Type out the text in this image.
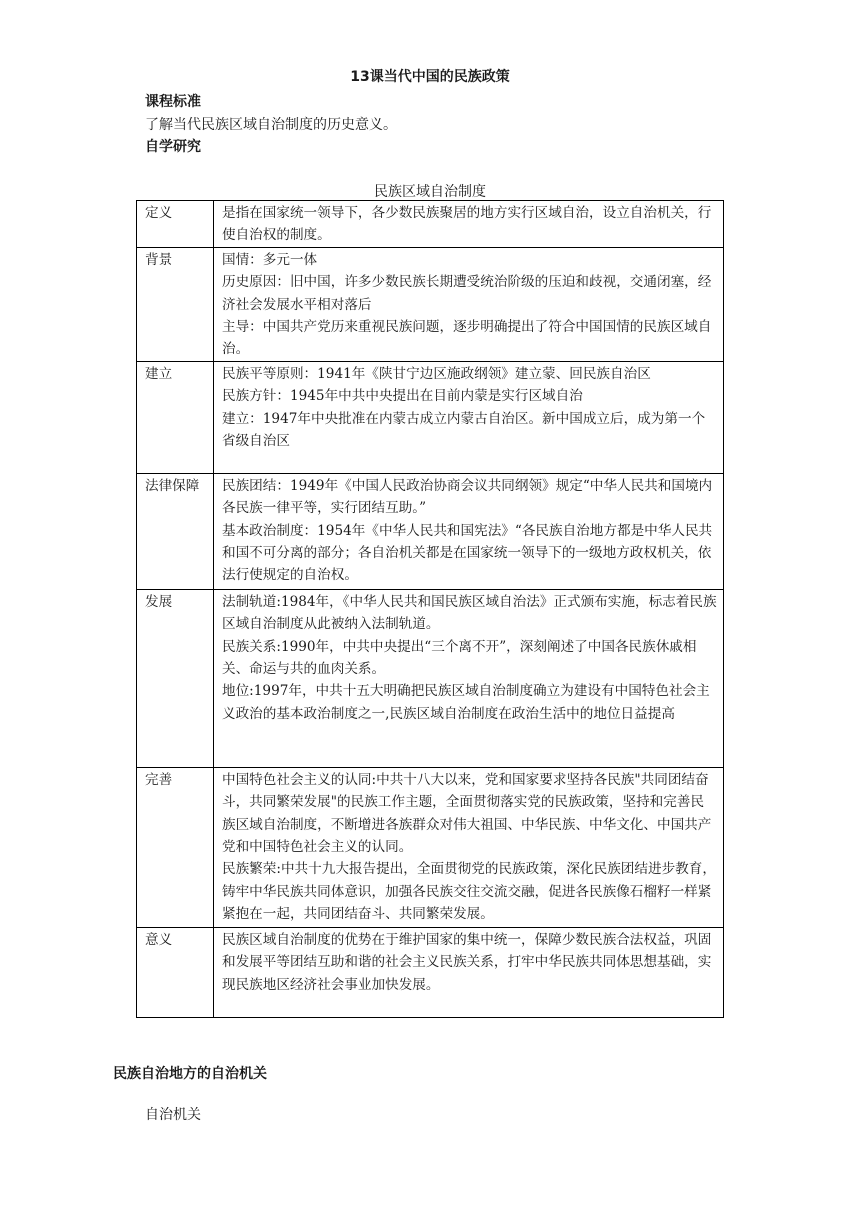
13课当代中国的民族政策
课程标准
了解当代民族区域自治制度的历史意义。
自学研究
民族区域自治制度
定义	是指在国家统一领导下，各少数民族聚居的地方实行区域自治，设立自治机关，行使自治权的制度。

背景	国情：多元一体
历史原因：旧中国，许多少数民族长期遭受统治阶级的压迫和歧视，交通闭塞，经济社会发展水平相对落后
主导：中国共产党历来重视民族问题，逐步明确提出了符合中国国情的民族区域自治。

建立	民族平等原则：1941年《陕甘宁边区施政纲领》建立蒙、回民族自治区
民族方针：1945年中共中央提出在目前内蒙是实行区域自治
建立：1947年中央批准在内蒙古成立内蒙古自治区。新中国成立后，成为第一个省级自治区

法律保障	民族团结：1949年《中国人民政治协商会议共同纲领》规定“中华人民共和国境内各民族一律平等，实行团结互助。”
基本政治制度：1954年《中华人民共和国宪法》“各民族自治地方都是中华人民共和国不可分离的部分；各自治机关都是在国家统一领导下的一级地方政权机关，依法行使规定的自治权。

发展	法制轨道:1984年，《中华人民共和国民族区域自治法》正式颁布实施，标志着民族区域自治制度从此被纳入法制轨道。
民族关系:1990年，中共中央提出“三个离不开”，深刻阐述了中国各民族休戚相关、命运与共的血肉关系。
地位:1997年，中共十五大明确把民族区域自治制度确立为建设有中国特色社会主义政治的基本政治制度之一,民族区域自治制度在政治生活中的地位日益提高

完善	中国特色社会主义的认同:中共十八大以来，党和国家要求坚持各民族"共同团结奋斗，共同繁荣发展"的民族工作主题，全面贯彻落实党的民族政策，坚持和完善民族区域自治制度，不断增进各族群众对伟大祖国、中华民族、中华文化、中国共产党和中国特色社会主义的认同。
民族繁荣:中共十九大报告提出，全面贯彻党的民族政策，深化民族团结进步教育，铸牢中华民族共同体意识，加强各民族交往交流交融，促进各民族像石榴籽一样紧紧抱在一起，共同团结奋斗、共同繁荣发展。

意义	民族区域自治制度的优势在于维护国家的集中统一，保障少数民族合法权益，巩固和发展平等团结互助和谐的社会主义民族关系，打牢中华民族共同体思想基础，实现民族地区经济社会事业加快发展。
民族自治地方的自治机关
自治机关
